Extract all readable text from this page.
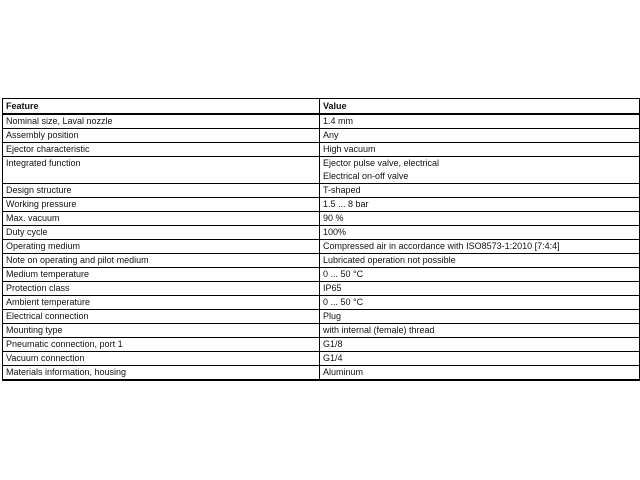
Feature	Value
Nominal size, Laval nozzle	1.4 mm

Assembly position	Any

Ejector characteristic	High vacuum

Integrated function	Ejector pulse valve, electrical
Electrical on-off valve

Design structure	T-shaped

Working pressure	1.5 ... 8 bar

Max. vacuum	90 %

Duty cycle	100%

Operating medium	Compressed air in accordance with ISO8573-1:2010 [7:4:4]

Note on operating and pilot medium	Lubricated operation not possible

Medium temperature	0 ... 50 °C

Protection class	IP65

Ambient temperature	0 ... 50 °C

Electrical connection	Plug

Mounting type	with internal (female) thread

Pneumatic connection, port 1	G1/8

Vacuum connection	G1/4

Materials information, housing	Aluminum
